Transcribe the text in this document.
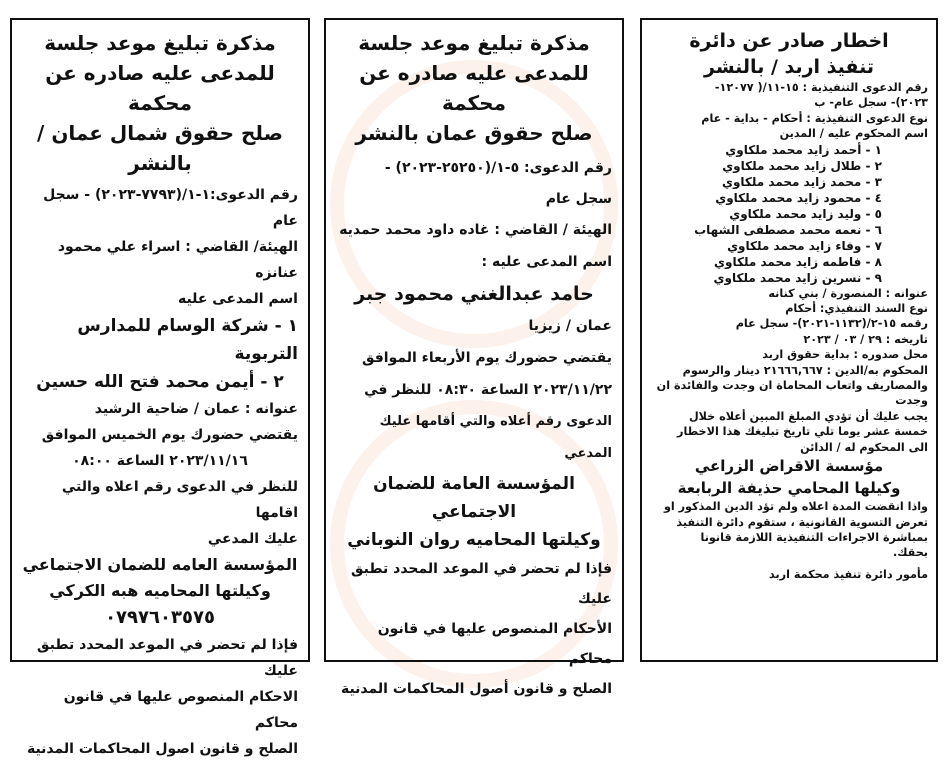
مذكرة تبليغ موعد جلسة
للمدعى عليه صادره عن محكمة
صلح حقوق شمال عمان /بالنشر
رقم الدعوى:١-١/(٧٧٩٣-٢٠٢٣) - سجل عام
الهيئة/ القاضي : اسراء علي محمود عنانزه
اسم المدعى عليه
١ - شركة الوسام للمدارس التربوية
٢ - أيمن محمد فتح الله حسين
عنوانه : عمان / ضاحية الرشيد
يقتضي حضورك يوم الخميس الموافق
٢٠٢٣/١١/١٦ الساعة ٠٨:٠٠
للنظر في الدعوى رقم اعلاه والتي اقامها
عليك المدعي
المؤسسة العامه للضمان الاجتماعي
وكيلتها المحاميه هبه الكركي
٠٧٩٧٦٠٣٥٧٥
فإذا لم تحضر في الموعد المحدد تطبق عليك
الاحكام المنصوص عليها في قانون محاكم
الصلح و قانون اصول المحاكمات المدنية
مذكرة تبليغ موعد جلسة
للمدعى عليه صادره عن محكمة
صلح حقوق عمان بالنشر
رقم الدعوى: ٥-١/(٢٥٢٥٠-٢٠٢٣) -
سجل عام
الهيئة / القاضي : غاده داود محمد حمديه
اسم المدعى عليه :
حامد عبدالغني محمود جبر
عمان / زيزيا
يقتضي حضورك يوم الأربعاء الموافق
٢٠٢٣/١١/٢٢ الساعة ٠٨:٣٠ للنظر في
الدعوى رقم أعلاه والتي أقامها عليك المدعي
المؤسسة العامة للضمان الاجتماعي
وكيلتها المحاميه روان النوباني
فإذا لم تحضر في الموعد المحدد تطبق عليك
الأحكام المنصوص عليها في قانون محاكم
الصلح و قانون أصول المحاكمات المدنية
اخطار صادر عن دائرة
تنفيذ اربد / بالنشر
رقم الدعوى التنفيذية : ١٥-١١/( ١٢٠٧٧-
٢٠٢٣)- سجل عام- ب
نوع الدعوى التنفيذية : أحكام - بداية - عام
اسم المحكوم عليه / المدين
١ - أحمد زايد محمد ملكاوي
٢ - طلال زايد محمد ملكاوي
٣ - محمد زايد محمد ملكاوي
٤ - محمود زايد محمد ملكاوي
٥ - وليد زايد محمد ملكاوي
٦ - نعمه محمد مصطفى الشهاب
٧ - وفاء زايد محمد ملكاوي
٨ - فاطمه زايد محمد ملكاوي
٩ - نسرين زايد محمد ملكاوي
عنوانه : المنصورة / بني كنانه
نوع السند التنفيذي: أحكام
رقمه ١٥-٢/(١١٣٢-٢٠٢١)- سجل عام
تاريخه : ٢٩ / ٠٣ / ٢٠٢٣
محل صدوره : بداية حقوق اربد
المحكوم به/الدين : ٢١٦٦٦,٦٦٧ دينار والرسوم
والمصاريف واتعاب المحاماة ان وجدت والفائدة ان
وجدت
يجب عليك أن تؤدي المبلغ المبين أعلاه خلال
خمسة عشر يوما تلي تاريخ تبليغك هذا الاخطار
الى المحكوم له / الدائن
مؤسسة الاقراض الزراعي
وكيلها المحامي حذيفة الربابعة
واذا انقضت المدة اعلاه ولم تؤد الدين المذكور او
تعرض التسوية القانونية ، ستقوم دائرة التنفيذ
بمباشرة الاجراءات التنفيذية اللازمة قانونا
بحقك.
مأمور دائرة تنفيذ محكمة اربد
